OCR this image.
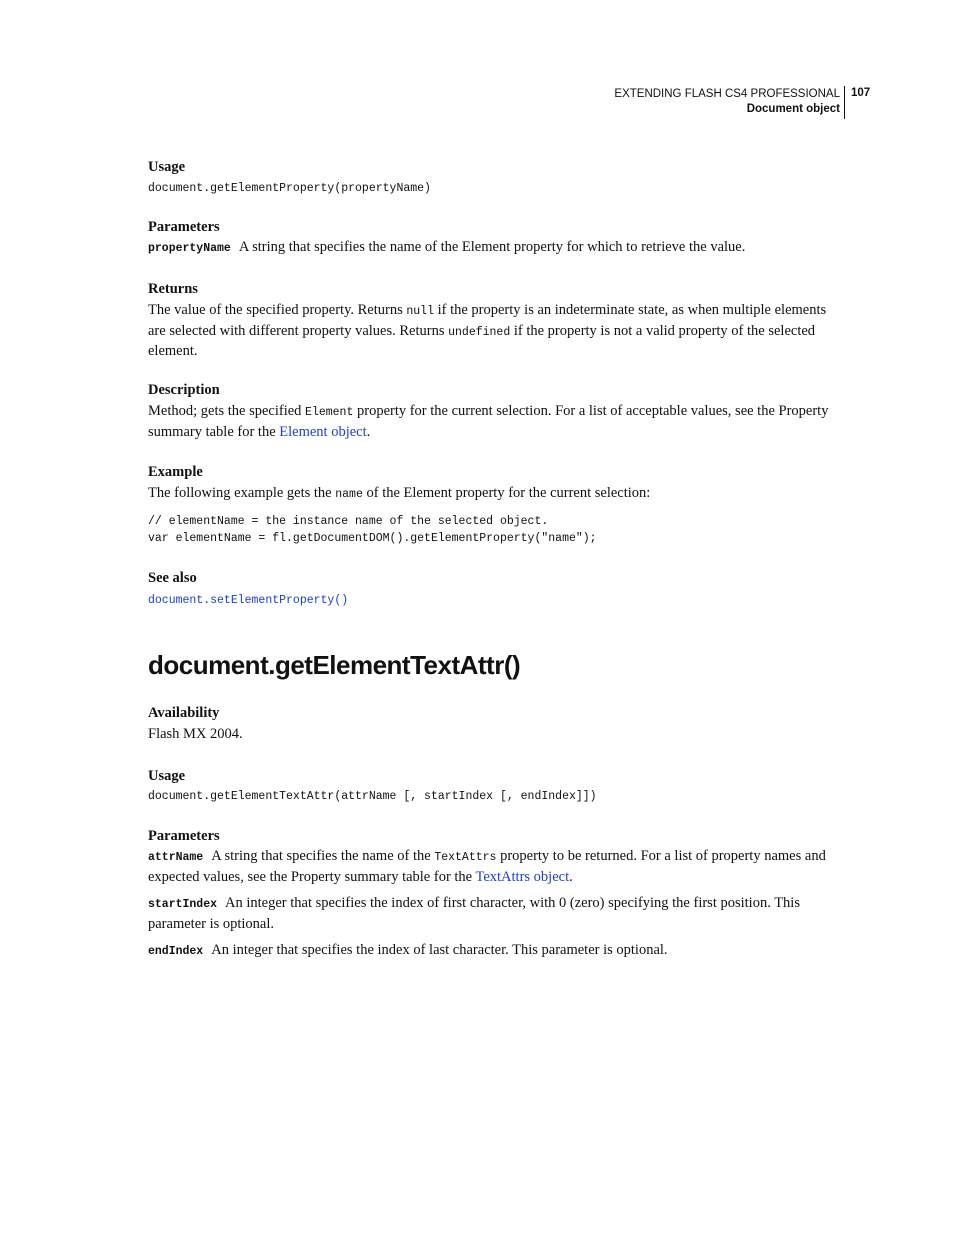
EXTENDING FLASH CS4 PROFESSIONAL
Document object
107
Usage
document.getElementProperty(propertyName)
Parameters
propertyName A string that specifies the name of the Element property for which to retrieve the value.
Returns
The value of the specified property. Returns null if the property is an indeterminate state, as when multiple elements are selected with different property values. Returns undefined if the property is not a valid property of the selected element.
Description
Method; gets the specified Element property for the current selection. For a list of acceptable values, see the Property summary table for the Element object.
Example
The following example gets the name of the Element property for the current selection:
// elementName = the instance name of the selected object.
var elementName = fl.getDocumentDOM().getElementProperty("name");
See also
document.setElementProperty()
document.getElementTextAttr()
Availability
Flash MX 2004.
Usage
document.getElementTextAttr(attrName [, startIndex [, endIndex]])
Parameters
attrName A string that specifies the name of the TextAttrs property to be returned. For a list of property names and expected values, see the Property summary table for the TextAttrs object.
startIndex An integer that specifies the index of first character, with 0 (zero) specifying the first position. This parameter is optional.
endIndex An integer that specifies the index of last character. This parameter is optional.
